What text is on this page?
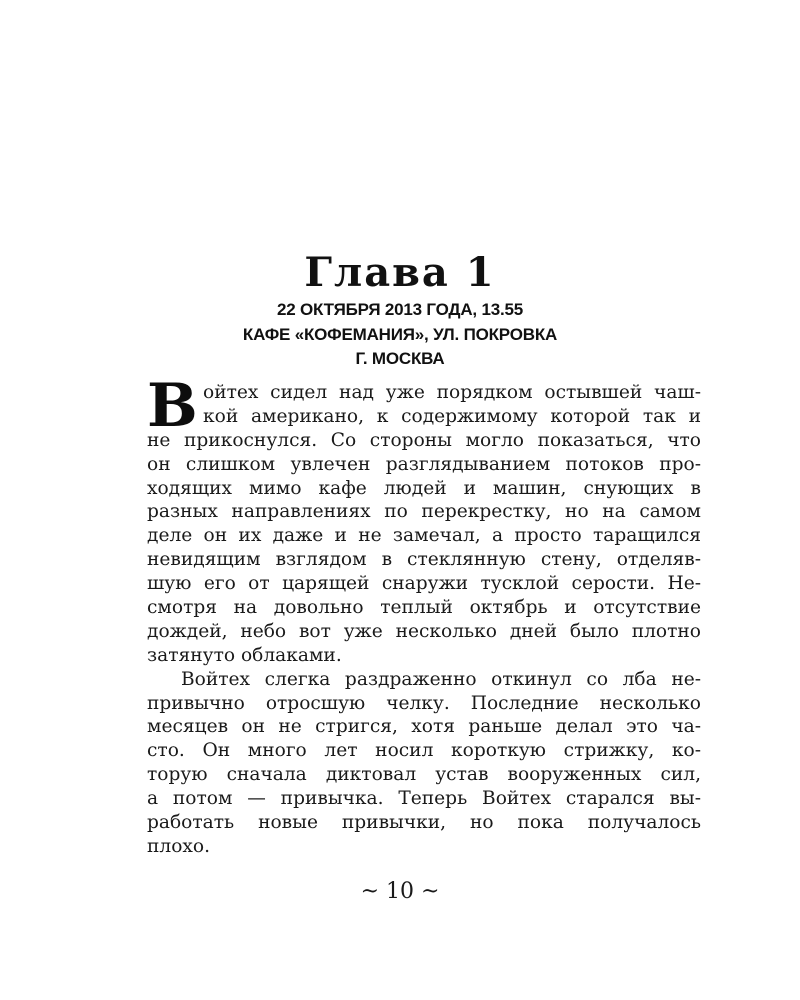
Глава 1
22 ОКТЯБРЯ 2013 ГОДА, 13.55
КАФЕ «КОФЕМАНИЯ», УЛ. ПОКРОВКА
Г. МОСКВА
В ойтех сидел над уже порядком остывшей чаш-
кой американо, к содержимому которой так и
не прикоснулся. Со стороны могло показаться, что
он слишком увлечен разглядыванием потоков про-
ходящих мимо кафе людей и машин, снующих в
разных направлениях по перекрестку, но на самом
деле он их даже и не замечал, а просто таращился
невидящим взглядом в стеклянную стену, отделяв-
шую его от царящей снаружи тусклой серости. Не-
смотря на довольно теплый октябрь и отсутствие
дождей, небо вот уже несколько дней было плотно
затянуто облаками.
Войтех слегка раздраженно откинул со лба не-
привычно отросшую челку. Последние несколько
месяцев он не стригся, хотя раньше делал это ча-
сто. Он много лет носил короткую стрижку, ко-
торую сначала диктовал устав вооруженных сил,
а потом — привычка. Теперь Войтех старался вы-
работать новые привычки, но пока получалось
плохо.
~ 10 ~
